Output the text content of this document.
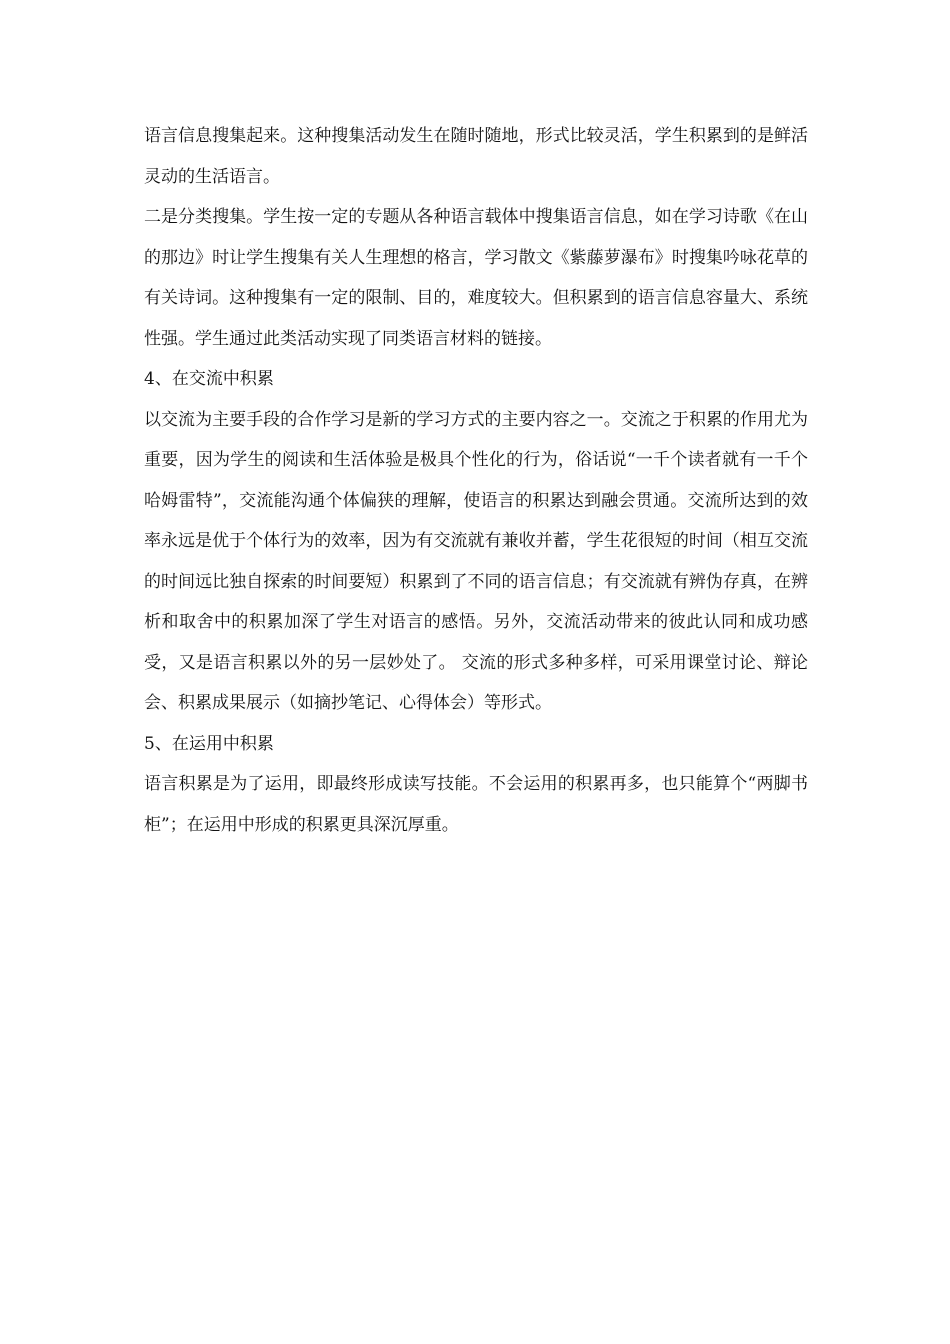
语言信息搜集起来。这种搜集活动发生在随时随地，形式比较灵活，学生积累到的是鲜活灵动的生活语言。

二是分类搜集。学生按一定的专题从各种语言载体中搜集语言信息，如在学习诗歌《在山的那边》时让学生搜集有关人生理想的格言，学习散文《紫藤萝瀑布》时搜集吟咏花草的有关诗词。这种搜集有一定的限制、目的，难度较大。但积累到的语言信息容量大、系统性强。学生通过此类活动实现了同类语言材料的链接。

4、在交流中积累

以交流为主要手段的合作学习是新的学习方式的主要内容之一。交流之于积累的作用尤为重要，因为学生的阅读和生活体验是极具个性化的行为，俗话说“一千个读者就有一千个哈姆雷特”，交流能沟通个体偏狭的理解，使语言的积累达到融会贯通。交流所达到的效率永远是优于个体行为的效率，因为有交流就有兼收并蓄，学生花很短的时间（相互交流的时间远比独自探索的时间要短）积累到了不同的语言信息；有交流就有辨伪存真，在辨析和取舍中的积累加深了学生对语言的感悟。另外，交流活动带来的彼此认同和成功感受，又是语言积累以外的另一层妙处了。 交流的形式多种多样，可采用课堂讨论、辩论会、积累成果展示（如摘抄笔记、心得体会）等形式。

5、在运用中积累

语言积累是为了运用，即最终形成读写技能。不会运用的积累再多，也只能算个“两脚书柜”；在运用中形成的积累更具深沉厚重。
